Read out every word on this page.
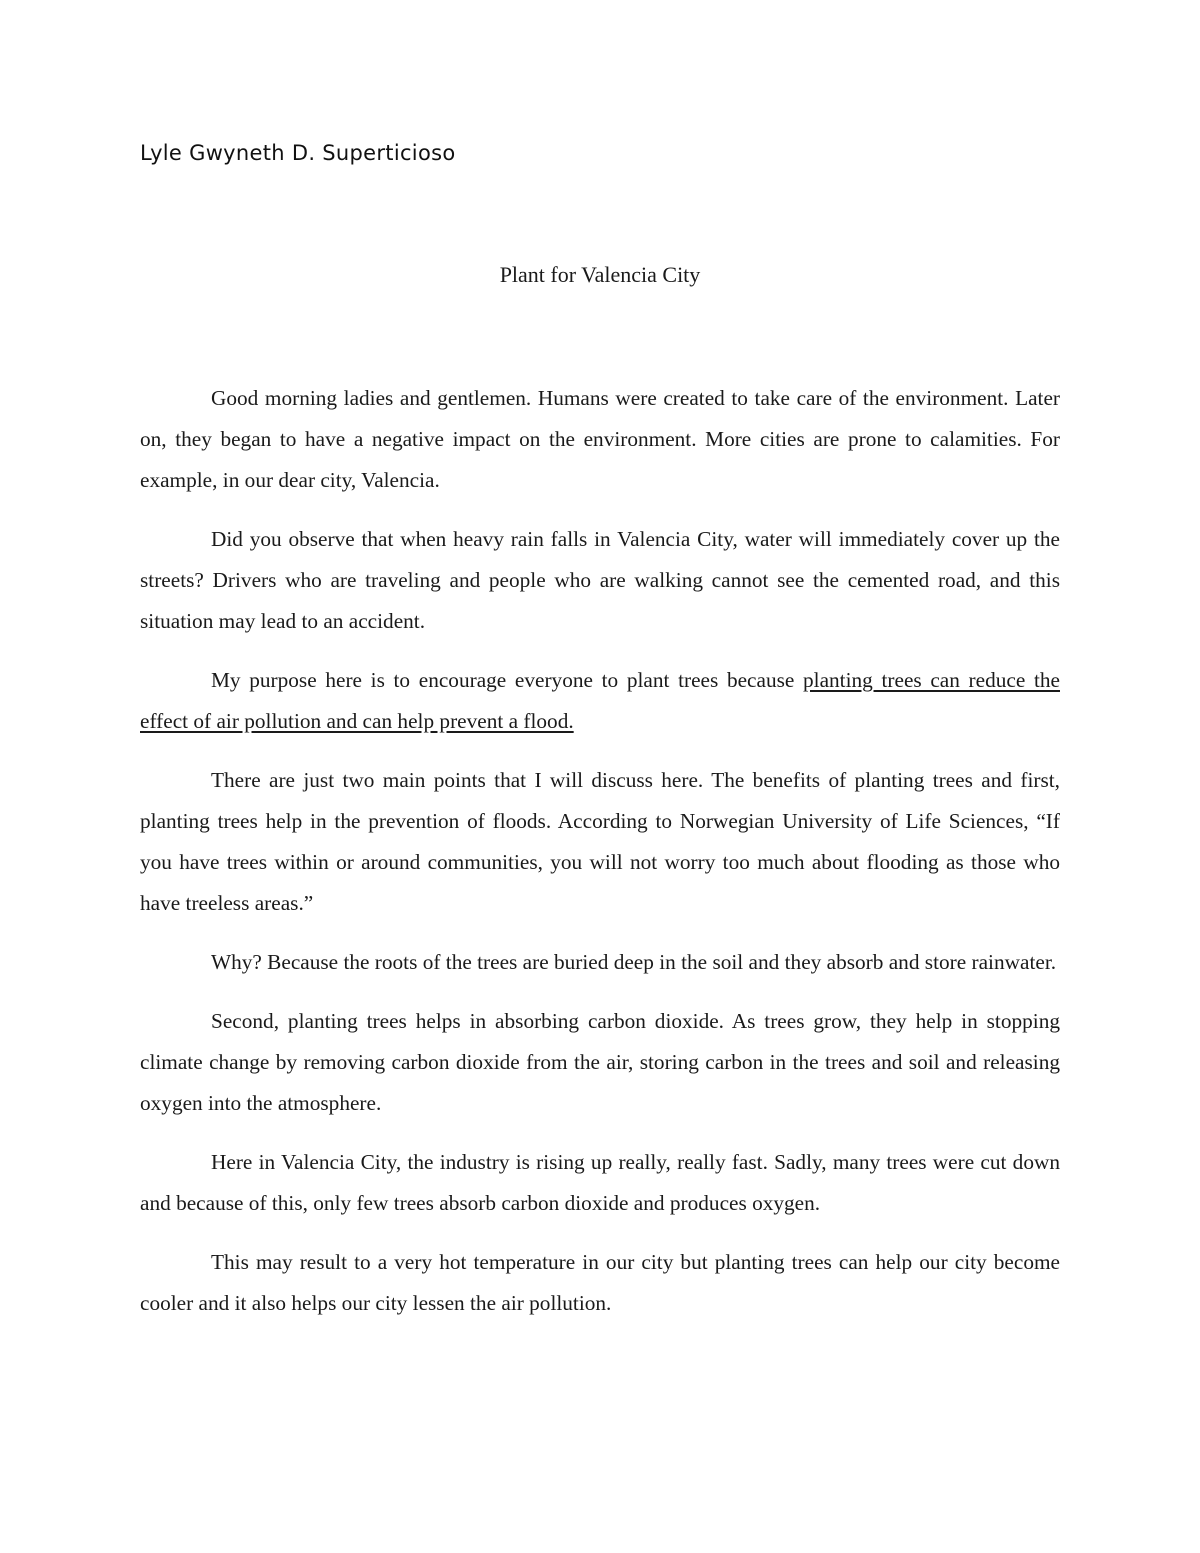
Lyle Gwyneth D. Superticioso
Plant for Valencia City

Good morning ladies and gentlemen. Humans were created to take care of the environment. Later on, they began to have a negative impact on the environment. More cities are prone to calamities. For example, in our dear city, Valencia.

Did you observe that when heavy rain falls in Valencia City, water will immediately cover up the streets? Drivers who are traveling and people who are walking cannot see the cemented road, and this situation may lead to an accident.

My purpose here is to encourage everyone to plant trees because planting trees can reduce the effect of air pollution and can help prevent a flood.

There are just two main points that I will discuss here. The benefits of planting trees and first, planting trees help in the prevention of floods. According to Norwegian University of Life Sciences, “If you have trees within or around communities, you will not worry too much about flooding as those who have treeless areas.”

Why? Because the roots of the trees are buried deep in the soil and they absorb and store rainwater.

Second, planting trees helps in absorbing carbon dioxide. As trees grow, they help in stopping climate change by removing carbon dioxide from the air, storing carbon in the trees and soil and releasing oxygen into the atmosphere.

Here in Valencia City, the industry is rising up really, really fast. Sadly, many trees were cut down and because of this, only few trees absorb carbon dioxide and produces oxygen.

This may result to a very hot temperature in our city but planting trees can help our city become cooler and it also helps our city lessen the air pollution.
